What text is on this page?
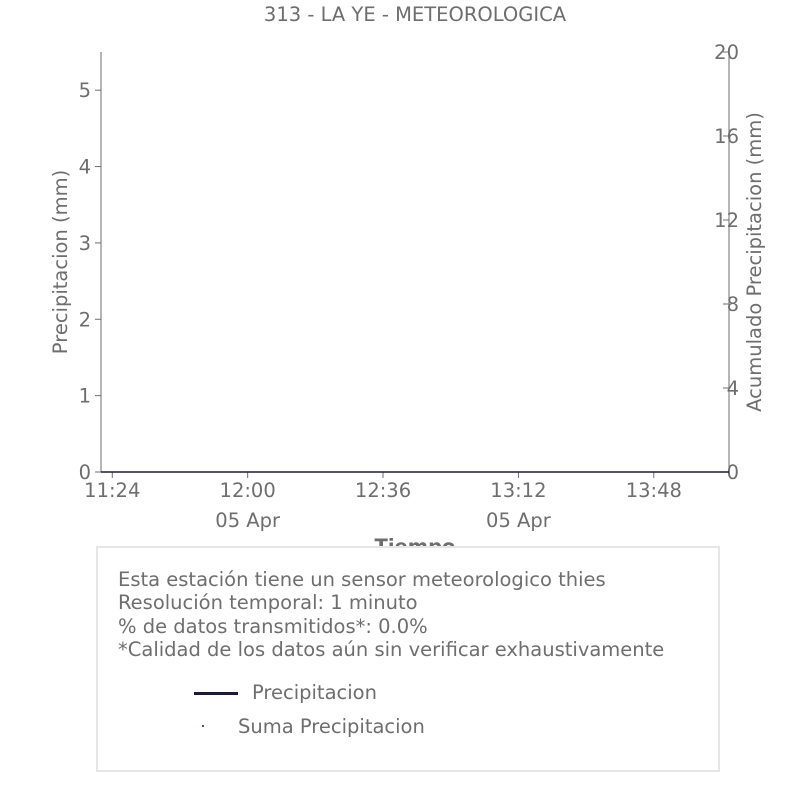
313 - LA YE - METEOROLOGICA
0
1
2
3
4
5
0
4
8
12
16
20
11:24	12:00
05 Apr
12:36	13:12
05 Apr
13:48
Precipitacion (mm)	Acumulado Precipitacion (mm)
Esta estación tiene un sensor meteorologico thies
Resolución temporal: 1 minuto
% de datos transmitidos*: 0.0%
*Calidad de los datos aún sin verificar exhaustivamente
Precipitacion
Suma Precipitacion
